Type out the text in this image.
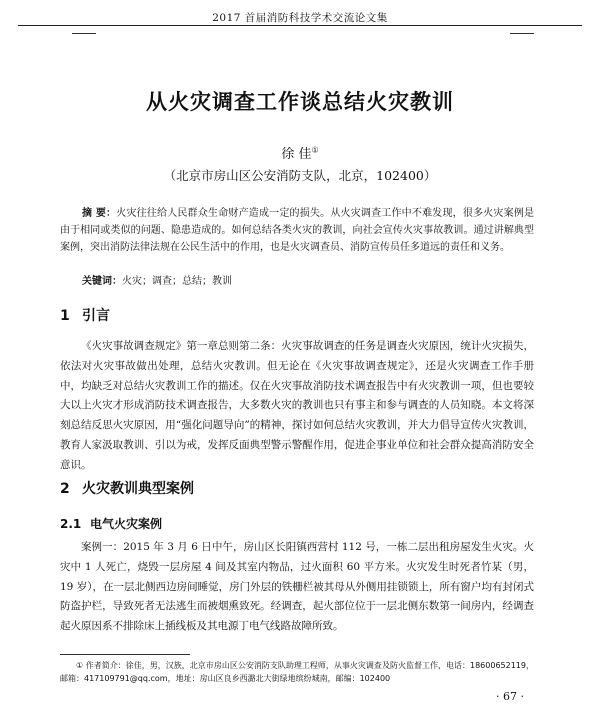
2017 首届消防科技学术交流论文集
从火灾调查工作谈总结火灾教训
徐 佳①
（北京市房山区公安消防支队，北京，102400）
摘 要：火灾往往给人民群众生命财产造成一定的损失。从火灾调查工作中不难发现，很多火灾案例是由于相同或类似的问题、隐患造成的。如何总结各类火灾的教训，向社会宣传火灾事故教训。通过讲解典型案例，突出消防法律法规在公民生活中的作用，也是火灾调查员、消防宣传员任多道远的责任和义务。
关键词：火灾；调查；总结；教训
1 引言
《火灾事故调查规定》第一章总则第二条：火灾事故调查的任务是调查火灾原因，统计火灾损失，依法对火灾事故做出处理，总结火灾教训。但无论在《火灾事故调查规定》，还是火灾调查工作手册中，均缺乏对总结火灾教训工作的描述。仅在火灾事故消防技术调查报告中有火灾教训一项，但也要较大以上火灾才形成消防技术调查报告，大多数火灾的教训也只有事主和参与调查的人员知晓。本文将深刻总结反思火灾原因，用“强化问题导向”的精神，探讨如何总结火灾教训，并大力倡导宣传火灾教训，教育人家汲取教训、引以为戒，发挥反面典型警示警醒作用，促进企事业单位和社会群众提高消防安全意识。
2 火灾教训典型案例
2.1 电气火灾案例
案例一：2015 年 3 月 6 日中午，房山区长阳镇西营村 112 号，一栋二层出租房屋发生火灾。火灾中 1 人死亡，烧毁一层房屋 4 间及其室内物品，过火面积 60 平方米。火灾发生时死者竹某（男，19 岁），在一层北侧西边房间睡觉，房门外层的铁栅栏被其母从外侧用挂锁锁上，所有窗户均有封闭式防盗护栏，导致死者无法逃生而被烟熏致死。经调查，起火部位位于一层北侧东数第一间房内，经调查起火原因系不排除床上插线板及其电源丁电气线路故障所致。
① 作者简介：徐佳，男，汉族，北京市房山区公安消防支队助理工程师，从事火灾调查及防火监督工作，电话：18600652119，邮箱：417109791@qq.com，地址：房山区良乡西潞北大街绿地缤纷城南，邮编：102400
· 67 ·
